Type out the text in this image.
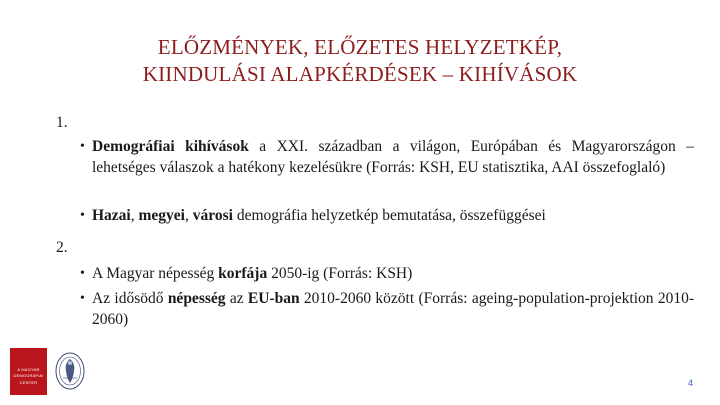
ELŐZMÉNYEK, ELŐZETES HELYZETKÉP,
KIINDULÁSI ALAPKÉRDÉSEK – KIHÍVÁSOK
1.
• Demográfiai kihívások a XXI. században a világon, Európában és Magyarországon – lehetséges válaszok a hatékony kezelésükre (Forrás: KSH, EU statisztika, AAI összefoglaló)
• Hazai, megyei, városi demográfia helyzetkép bemutatása, összefüggései
2.
• A Magyar népesség korfája 2050-ig (Forrás: KSH)
• Az idősödő népesség az EU-ban 2010-2060 között (Forrás: ageing-population-projektion 2010-2060)
A MAGYAR
DEMOGRÁFIAI
CENTER	4
